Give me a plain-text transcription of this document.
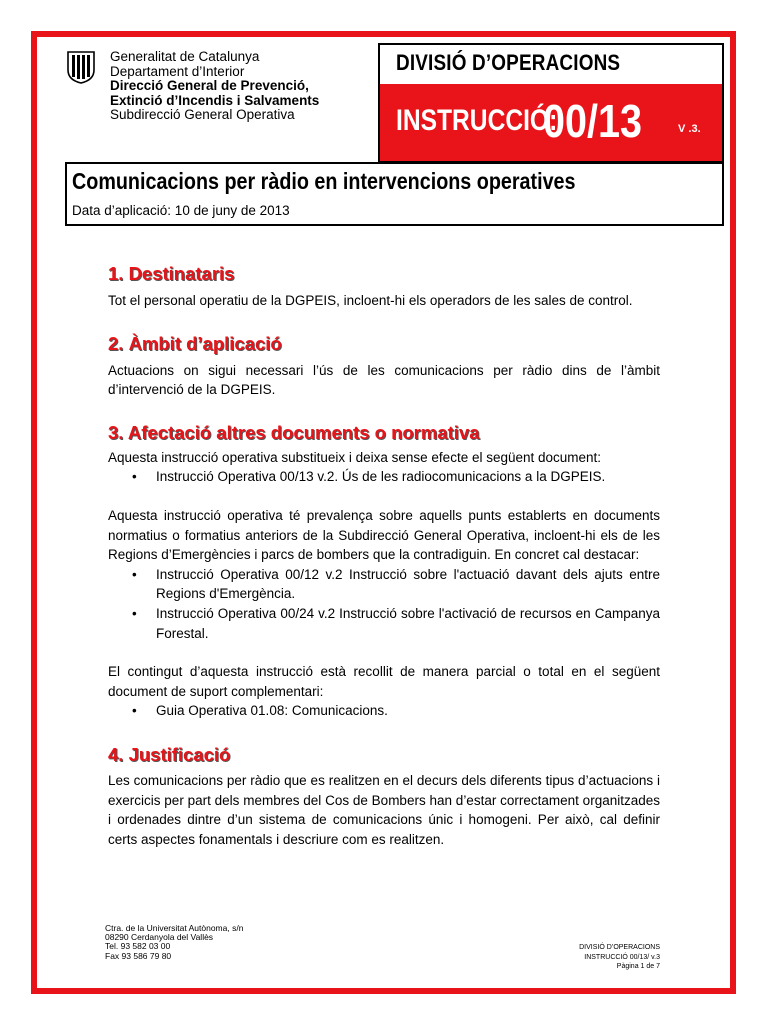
Generalitat de Catalunya
Departament d’Interior
Direcció General de Prevenció,
Extinció d’Incendis i Salvaments
Subdirecció General Operativa
DIVISIÓ D’OPERACIONS
INSTRUCCIÓ:
00/13	V .3.
Comunicacions per ràdio en intervencions operatives
Data d’aplicació: 10 de juny de 2013
1. Destinataris

Tot el personal operatiu de la DGPEIS, incloent-hi els operadors de les sales de control.

2. Àmbit d’aplicació

Actuacions on sigui necessari l’ús de les comunicacions per ràdio dins de l’àmbit d’intervenció de la DGPEIS.

3. Afectació altres documents o normativa

Aquesta instrucció operativa substitueix i deixa sense efecte el següent document:

• Instrucció Operativa 00/13 v.2. Ús de les radiocomunicacions a la DGPEIS.

Aquesta instrucció operativa té prevalença sobre aquells punts establerts en documents normatius o formatius anteriors de la Subdirecció General Operativa, incloent-hi els de les Regions d’Emergències i parcs de bombers que la contradiguin. En concret cal destacar:

• Instrucció Operativa 00/12 v.2 Instrucció sobre l'actuació davant dels ajuts entre Regions d'Emergència.
• Instrucció Operativa 00/24 v.2 Instrucció sobre l'activació de recursos en Campanya Forestal.

El contingut d’aquesta instrucció està recollit de manera parcial o total en el següent document de suport complementari:

• Guia Operativa 01.08: Comunicacions.
4. Justificació

Les comunicacions per ràdio que es realitzen en el decurs dels diferents tipus d’actuacions i exercicis per part dels membres del Cos de Bombers han d’estar correctament organitzades i ordenades dintre d’un sistema de comunicacions únic i homogeni. Per això, cal definir certs aspectes fonamentals i descriure com es realitzen.

Ctra. de la Universitat Autònoma, s/n
08290 Cerdanyola del Vallès
Tel. 93 582 03 00
Fax 93 586 79 80
DIVISIÓ D’OPERACIONS
INSTRUCCIÓ 00/13/ v.3
Pàgina 1 de 7
